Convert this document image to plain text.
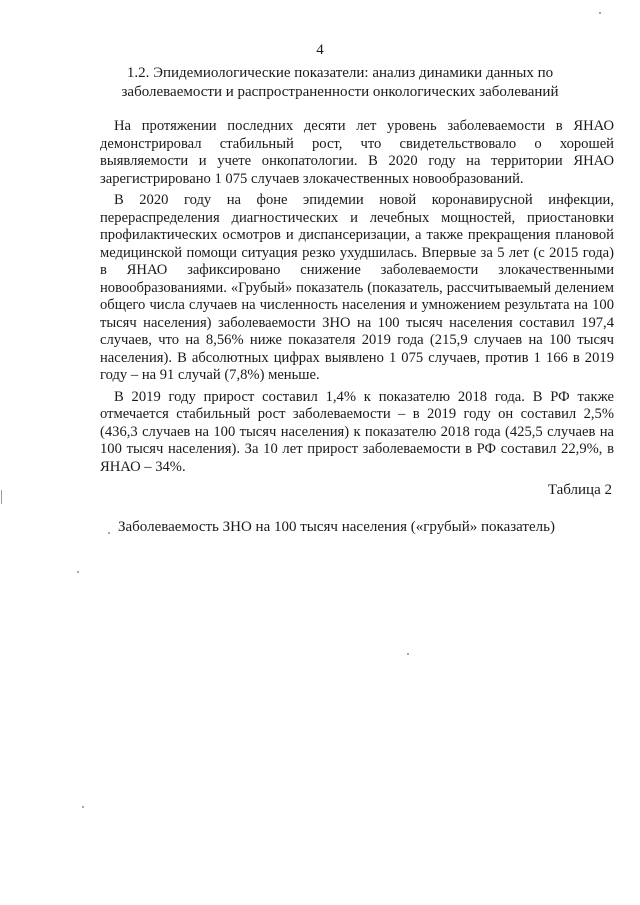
4
1.2. Эпидемиологические показатели: анализ динамики данных по заболеваемости и распространенности онкологических заболеваний

На протяжении последних десяти лет уровень заболеваемости в ЯНАО демонстрировал стабильный рост, что свидетельствовало о хорошей выявляемости и учете онкопатологии. В 2020 году на территории ЯНАО зарегистрировано 1 075 случаев злокачественных новообразований.

В 2020 году на фоне эпидемии новой коронавирусной инфекции, перераспределения диагностических и лечебных мощностей, приостановки профилактических осмотров и диспансеризации, а также прекращения плановой медицинской помощи ситуация резко ухудшилась. Впервые за 5 лет (с 2015 года) в ЯНАО зафиксировано снижение заболеваемости злокачественными новообразованиями. «Грубый» показатель (показатель, рассчитываемый делением общего числа случаев на численность населения и умножением результата на 100 тысяч населения) заболеваемости ЗНО на 100 тысяч населения составил 197,4 случаев, что на 8,56% ниже показателя 2019 года (215,9 случаев на 100 тысяч населения). В абсолютных цифрах выявлено 1 075 случаев, против 1 166 в 2019 году – на 91 случай (7,8%) меньше.

В 2019 году прирост составил 1,4% к показателю 2018 года. В РФ также отмечается стабильный рост заболеваемости – в 2019 году он составил 2,5% (436,3 случаев на 100 тысяч населения) к показателю 2018 года (425,5 случаев на 100 тысяч населения). За 10 лет прирост заболеваемости в РФ составил 22,9%, в ЯНАО – 34%.

Таблица 2
Заболеваемость ЗНО на 100 тысяч населения («грубый» показатель)
